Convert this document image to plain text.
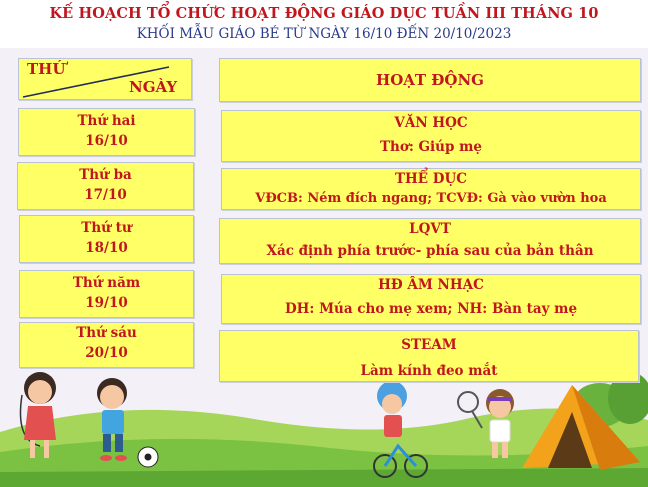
KẾ HOẠCH TỔ CHỨC HOẠT ĐỘNG GIÁO DỤC TUẦN III THÁNG 10
KHỐI MẪU GIÁO BÉ TỪ NGÀY 16/10 ĐẾN 20/10/2023
THỨ
NGÀY	HOẠT ĐỘNG
Thứ hai
16/10
VĂN HỌC
Thơ: Giúp mẹ
Thứ ba
17/10
THỂ DỤC
VĐCB: Ném đích ngang; TCVĐ: Gà vào vườn hoa
Thứ tư
18/10
LQVT
Xác định phía trước- phía sau của bản thân
Thứ năm
19/10
HĐ ÂM NHẠC
DH: Múa cho mẹ xem; NH: Bàn tay mẹ
Thứ sáu
20/10	STEAM
Làm kính đeo mắt
